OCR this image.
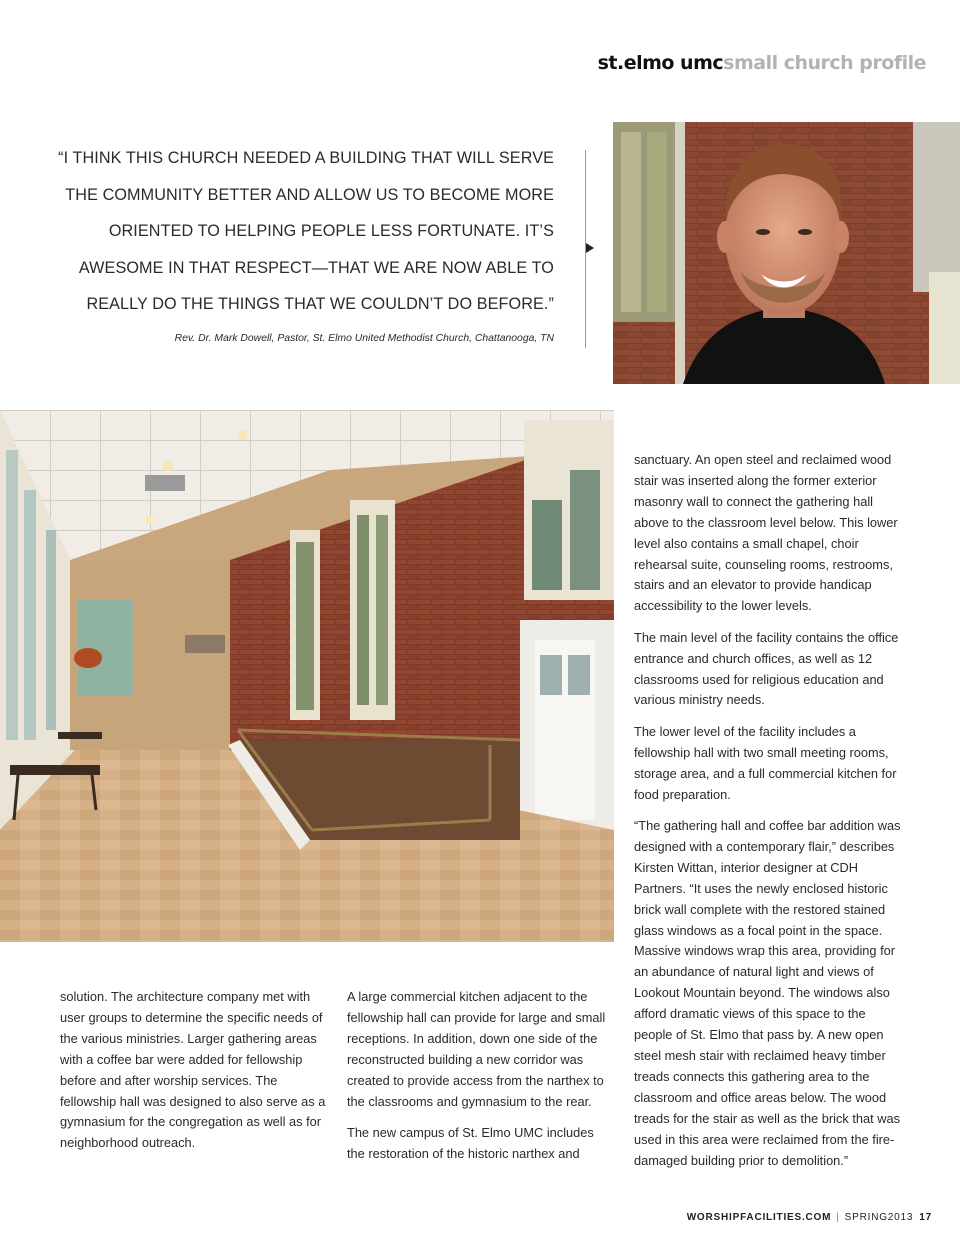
st.elmo umcsmall church profile
“I THINK THIS CHURCH NEEDED A BUILDING THAT WILL SERVE THE COMMUNITY BETTER AND ALLOW US TO BECOME MORE ORIENTED TO HELPING PEOPLE LESS FORTUNATE. IT’S AWESOME IN THAT RESPECT—THAT WE ARE NOW ABLE TO REALLY DO THE THINGS THAT WE COULDN’T DO BEFORE.”
Rev. Dr. Mark Dowell, Pastor, St. Elmo United Methodist Church, Chattanooga, TN

solution. The architecture company met with user groups to determine the specific needs of the various ministries. Larger gathering areas with a coffee bar were added for fellowship before and after worship services. The fellowship hall was designed to also serve as a gymnasium for the congregation as well as for neighborhood outreach.

A large commercial kitchen adjacent to the fellowship hall can provide for large and small receptions. In addition, down one side of the reconstructed building a new corridor was created to provide access from the narthex to the classrooms and gymnasium to the rear.

The new campus of St. Elmo UMC includes the restoration of the historic narthex and

sanctuary. An open steel and reclaimed wood stair was inserted along the former exterior masonry wall to connect the gathering hall above to the classroom level below. This lower level also contains a small chapel, choir rehearsal suite, counseling rooms, restrooms, stairs and an elevator to provide handicap accessibility to the lower levels.

The main level of the facility contains the office entrance and church offices, as well as 12 classrooms used for religious education and various ministry needs.

The lower level of the facility includes a fellowship hall with two small meeting rooms, storage area, and a full commercial kitchen for food preparation.

“The gathering hall and coffee bar addition was designed with a contemporary flair,” describes Kirsten Wittan, interior designer at CDH Partners. “It uses the newly enclosed historic brick wall complete with the restored stained glass windows as a focal point in the space. Massive windows wrap this area, providing for an abundance of natural light and views of Lookout Mountain beyond. The windows also afford dramatic views of this space to the people of St. Elmo that pass by. A new open steel mesh stair with reclaimed heavy timber treads connects this gathering area to the classroom and office areas below. The wood treads for the stair as well as the brick that was used in this area were reclaimed from the fire-damaged building prior to demolition.”

WORSHIPFACILITIES.COM | SPRING2013 17
